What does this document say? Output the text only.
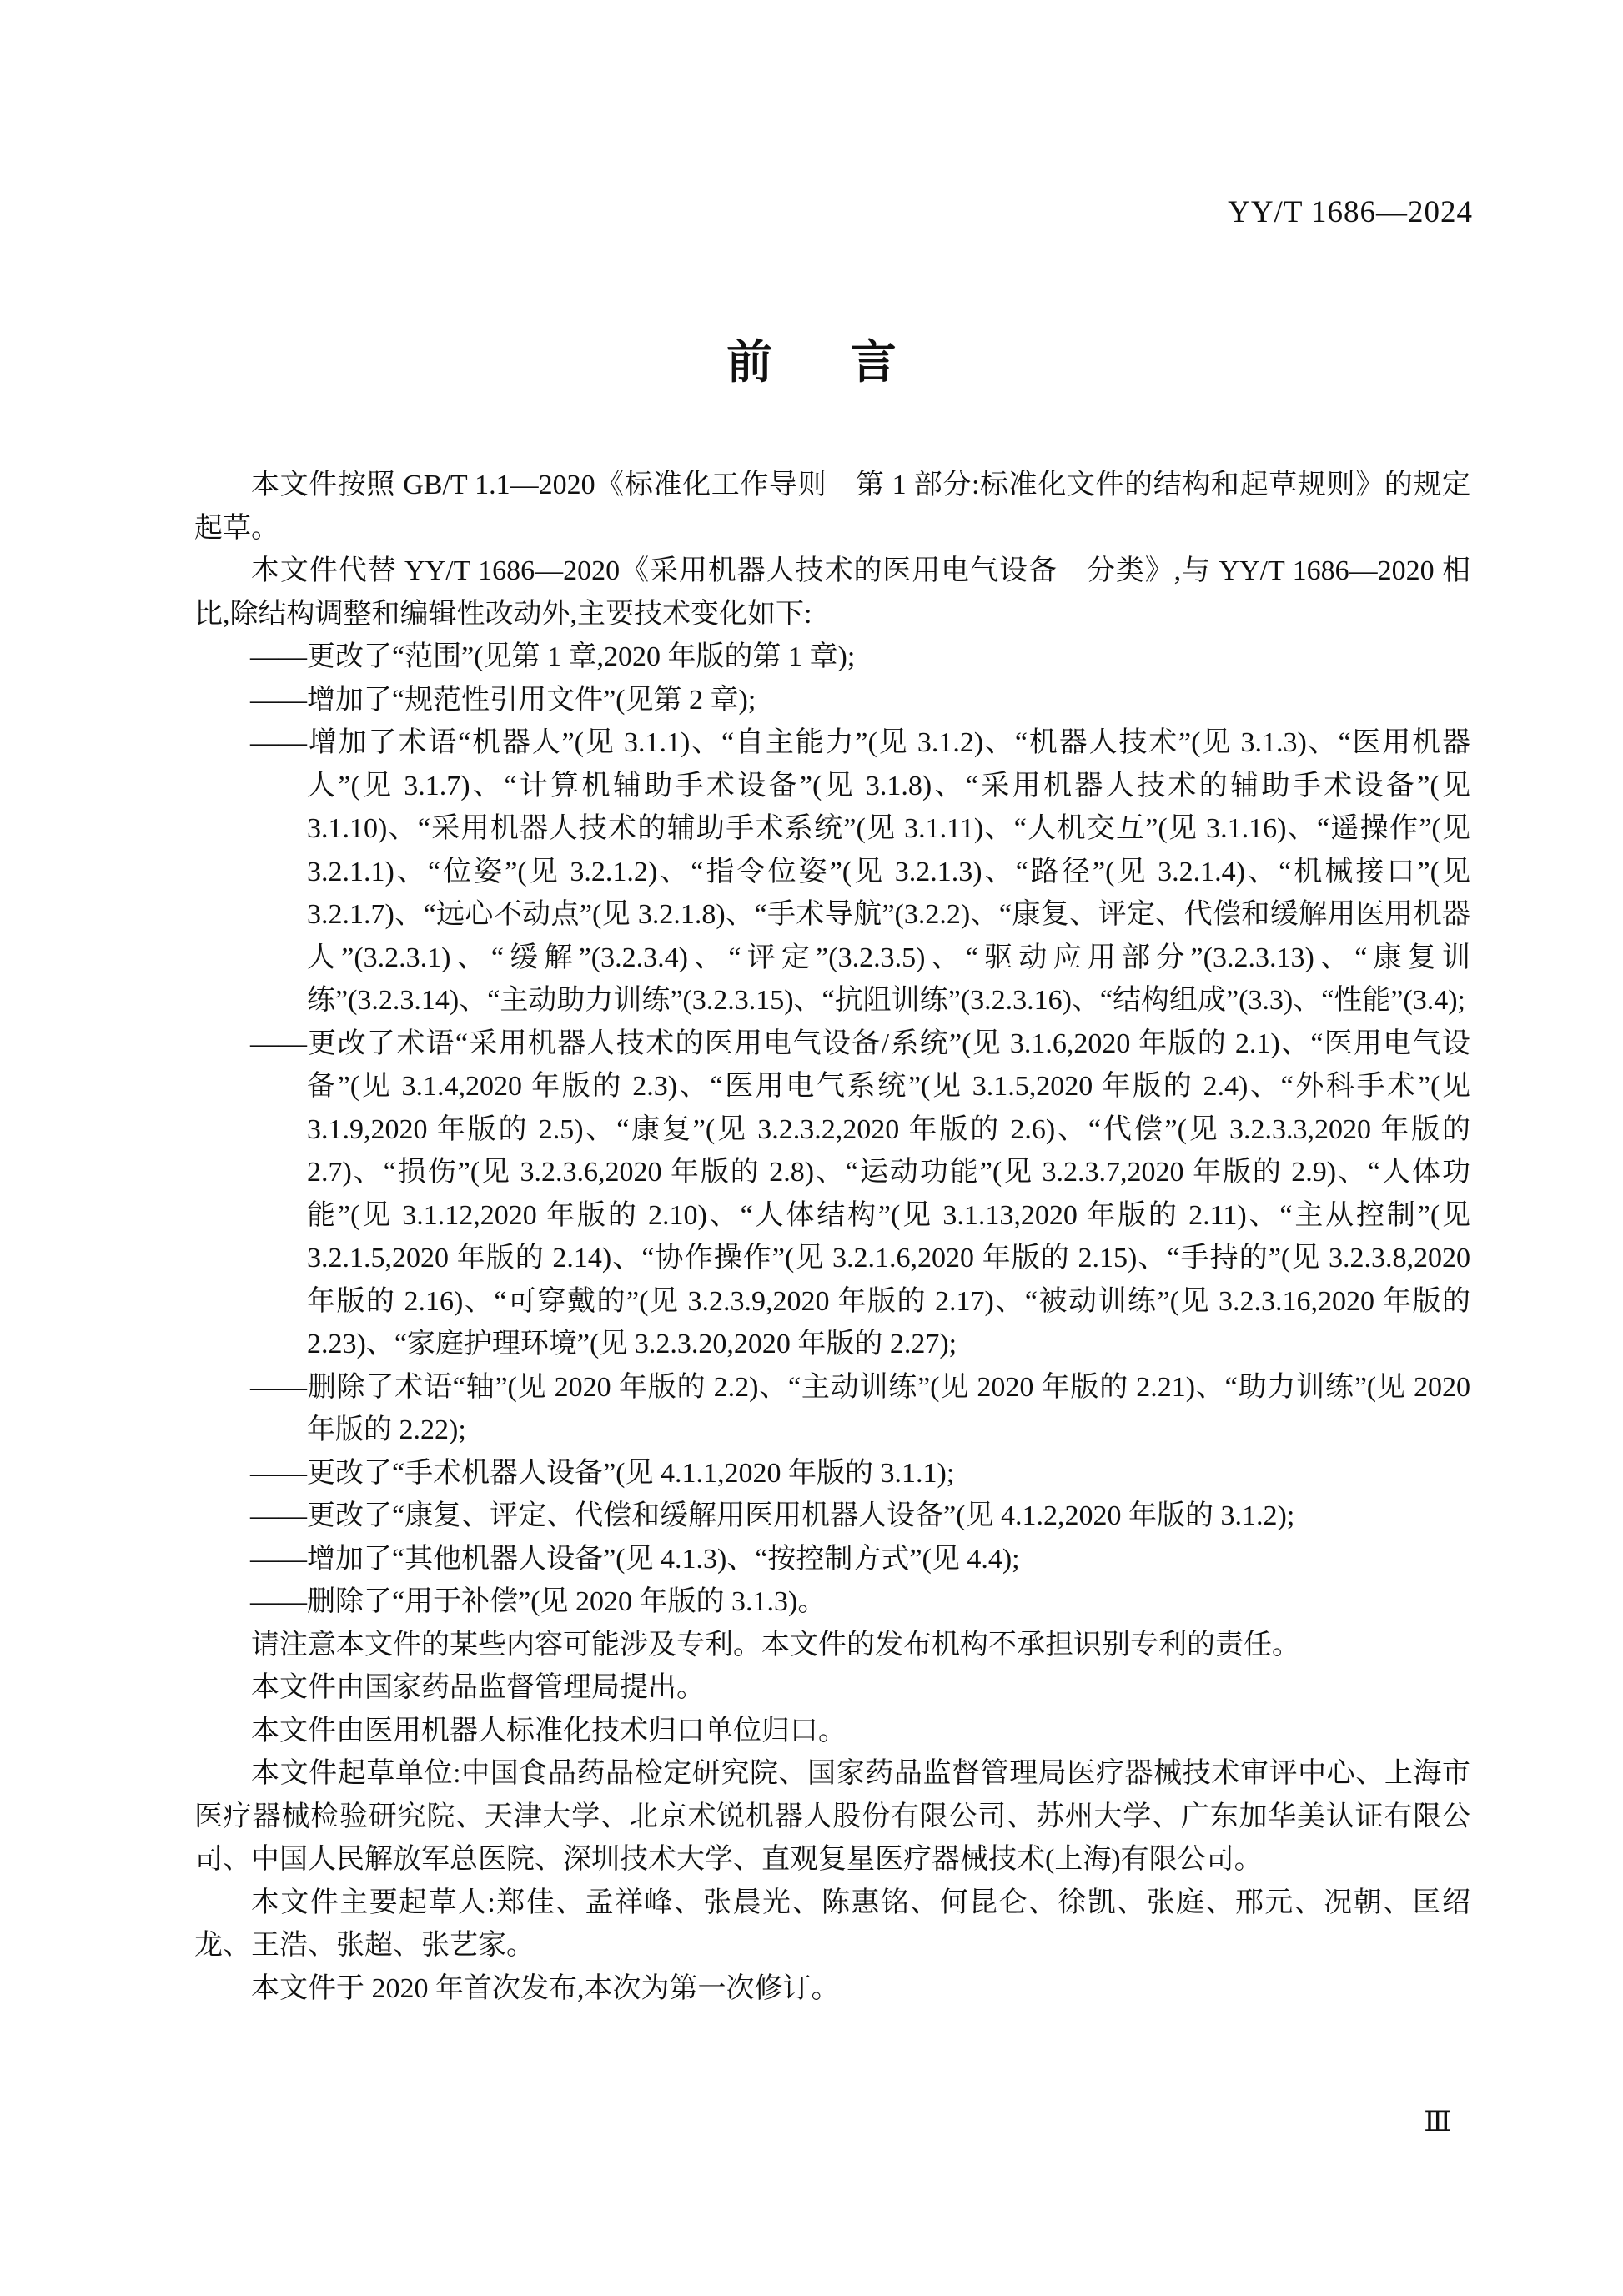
YY/T 1686—2024
前言

本文件按照 GB/T 1.1—2020《标准化工作导则　第 1 部分:标准化文件的结构和起草规则》的规定起草。

本文件代替 YY/T 1686—2020《采用机器人技术的医用电气设备　分类》,与 YY/T 1686—2020 相比,除结构调整和编辑性改动外,主要技术变化如下:

——更改了“范围”(见第 1 章,2020 年版的第 1 章);
——增加了“规范性引用文件”(见第 2 章);
——增加了术语“机器人”(见 3.1.1)、“自主能力”(见 3.1.2)、“机器人技术”(见 3.1.3)、“医用机器人”(见 3.1.7)、“计算机辅助手术设备”(见 3.1.8)、“采用机器人技术的辅助手术设备”(见 3.1.10)、“采用机器人技术的辅助手术系统”(见 3.1.11)、“人机交互”(见 3.1.16)、“遥操作”(见 3.2.1.1)、“位姿”(见 3.2.1.2)、“指令位姿”(见 3.2.1.3)、“路径”(见 3.2.1.4)、“机械接口”(见 3.2.1.7)、“远心不动点”(见 3.2.1.8)、“手术导航”(3.2.2)、“康复、评定、代偿和缓解用医用机器人”(3.2.3.1)、“缓解”(3.2.3.4)、“评定”(3.2.3.5)、“驱动应用部分”(3.2.3.13)、“康复训练”(3.2.3.14)、“主动助力训练”(3.2.3.15)、“抗阻训练”(3.2.3.16)、“结构组成”(3.3)、“性能”(3.4);
——更改了术语“采用机器人技术的医用电气设备/系统”(见 3.1.6,2020 年版的 2.1)、“医用电气设备”(见 3.1.4,2020 年版的 2.3)、“医用电气系统”(见 3.1.5,2020 年版的 2.4)、“外科手术”(见 3.1.9,2020 年版的 2.5)、“康复”(见 3.2.3.2,2020 年版的 2.6)、“代偿”(见 3.2.3.3,2020 年版的 2.7)、“损伤”(见 3.2.3.6,2020 年版的 2.8)、“运动功能”(见 3.2.3.7,2020 年版的 2.9)、“人体功能”(见 3.1.12,2020 年版的 2.10)、“人体结构”(见 3.1.13,2020 年版的 2.11)、“主从控制”(见 3.2.1.5,2020 年版的 2.14)、“协作操作”(见 3.2.1.6,2020 年版的 2.15)、“手持的”(见 3.2.3.8,2020 年版的 2.16)、“可穿戴的”(见 3.2.3.9,2020 年版的 2.17)、“被动训练”(见 3.2.3.16,2020 年版的 2.23)、“家庭护理环境”(见 3.2.3.20,2020 年版的 2.27);
——删除了术语“轴”(见 2020 年版的 2.2)、“主动训练”(见 2020 年版的 2.21)、“助力训练”(见 2020 年版的 2.22);
——更改了“手术机器人设备”(见 4.1.1,2020 年版的 3.1.1);
——更改了“康复、评定、代偿和缓解用医用机器人设备”(见 4.1.2,2020 年版的 3.1.2);
——增加了“其他机器人设备”(见 4.1.3)、“按控制方式”(见 4.4);
——删除了“用于补偿”(见 2020 年版的 3.1.3)。

请注意本文件的某些内容可能涉及专利。本文件的发布机构不承担识别专利的责任。

本文件由国家药品监督管理局提出。

本文件由医用机器人标准化技术归口单位归口。

本文件起草单位:中国食品药品检定研究院、国家药品监督管理局医疗器械技术审评中心、上海市医疗器械检验研究院、天津大学、北京术锐机器人股份有限公司、苏州大学、广东加华美认证有限公司、中国人民解放军总医院、深圳技术大学、直观复星医疗器械技术(上海)有限公司。

本文件主要起草人:郑佳、孟祥峰、张晨光、陈惠铭、何昆仑、徐凯、张庭、邢元、况朝、匡绍龙、王浩、张超、张艺家。

本文件于 2020 年首次发布,本次为第一次修订。

Ⅲ
